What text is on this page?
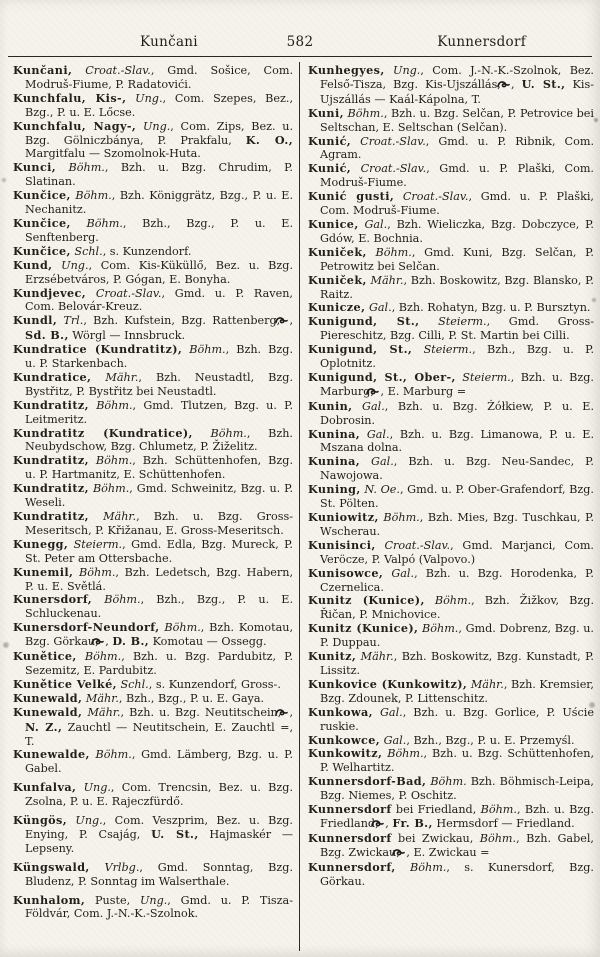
Kunčani	582	Kunnersdorf

Kunčani, Croat.-Slav., Gmd. Sošice, Com. Modruš-Fiume, P. Radatovići.

Kunchfalu, Kis-, Ung., Com. Szepes, Bez., Bzg., P. u. E. Lőcse.

Kunchfalu, Nagy-, Ung., Com. Zips, Bez. u. Bzg. Gölniczbánya, P. Prakfalu, K. O., Margitfalu — Szomolnok-Huta.

Kunci, Böhm., Bzh. u. Bzg. Chrudim, P. Slatinan.

Kunčice, Böhm., Bzh. Königgrätz, Bzg., P. u. E. Nechanitz.

Kunčice, Böhm., Bzh., Bzg., P. u. E. Senftenberg.

Kunčice, Schl., s. Kunzendorf.

Kund, Ung., Com. Kis-Küküllő, Bez. u. Bzg. Erzsébetváros, P. Gógan, E. Bonyha.

Kundjevec, Croat.-Slav., Gmd. u. P. Raven, Com. Belovár-Kreuz.

Kundl, Trl., Bzh. Kufstein, Bzg. Rattenberg, , Sd. B., Wörgl — Innsbruck.

Kundratice (Kundratitz), Böhm., Bzh. Bzg. u. P. Starkenbach.

Kundratice, Mähr., Bzh. Neustadtl, Bzg. Bystřitz, P. Bystřitz bei Neustadtl.

Kundratitz, Böhm., Gmd. Tlutzen, Bzg. u. P. Leitmeritz.

Kundratitz (Kundratice), Böhm., Bzh. Neubydschow, Bzg. Chlumetz, P. Žiželitz.

Kundratitz, Böhm., Bzh. Schüttenhofen, Bzg. u. P. Hartmanitz, E. Schüttenhofen.

Kundratitz, Böhm., Gmd. Schweinitz, Bzg. u. P. Weseli.

Kundratitz, Mähr., Bzh. u. Bzg. Gross-Meseritsch, P. Křižanau, E. Gross-Meseritsch.

Kunegg, Steierm., Gmd. Edla, Bzg. Mureck, P. St. Peter am Ottersbache.

Kunemil, Böhm., Bzh. Ledetsch, Bzg. Habern, P. u. E. Světlá.

Kunersdorf, Böhm., Bzh., Bzg., P. u. E. Schluckenau.

Kunersdorf-Neundorf, Böhm., Bzh. Komotau, Bzg. Görkau, , D. B., Komotau — Ossegg.

Kunětice, Böhm., Bzh. u. Bzg. Pardubitz, P. Sezemitz, E. Pardubitz.

Kunětice Velké, Schl., s. Kunzendorf, Gross-.

Kunewald, Mähr., Bzh., Bzg., P. u. E. Gaya.

Kunewald, Mähr., Bzh. u. Bzg. Neutitschein, , N. Z., Zauchtl — Neutitschein, E. Zauchtl =, T.

Kunewalde, Böhm., Gmd. Lämberg, Bzg. u. P. Gabel.

Kunfalva, Ung., Com. Trencsin, Bez. u. Bzg. Zsolna, P. u. E. Rajeczfürdő.

Küngös, Ung., Com. Veszprim, Bez. u. Bzg. Enying, P. Csajág, U. St., Hajmaskér — Lepseny.

Küngswald, Vrlbg., Gmd. Sonntag, Bzg. Bludenz, P. Sonntag im Walserthale.

Kunhalom, Puste, Ung., Gmd. u. P. Tisza-Földvár, Com. J.-N.-K.-Szolnok.

Kunhegyes, Ung., Com. J.-N.-K.-Szolnok, Bez. Felső-Tisza, Bzg. Kis-Ujszállás, , U. St., Kis-Ujszállás — Kaál-Kápolna, T.

Kuni, Böhm., Bzh. u. Bzg. Selčan, P. Petrovice bei Seltschan, E. Seltschan (Selčan).

Kunić, Croat.-Slav., Gmd. u. P. Ribnik, Com. Agram.

Kunić, Croat.-Slav., Gmd. u. P. Plaški, Com. Modruš-Fiume.

Kunić gusti, Croat.-Slav., Gmd. u. P. Plaški, Com. Modruš-Fiume.

Kunice, Gal., Bzh. Wieliczka, Bzg. Dobczyce, P. Gdów, E. Bochnia.

Kuniček, Böhm., Gmd. Kuni, Bzg. Selčan, P. Petrowitz bei Selčan.

Kuniček, Mähr., Bzh. Boskowitz, Bzg. Blansko, P. Raitz.

Kunicze, Gal., Bzh. Rohatyn, Bzg. u. P. Bursztyn.

Kunigund, St., Steierm., Gmd. Gross-Piereschitz, Bzg. Cilli, P. St. Martin bei Cilli.

Kunigund, St., Steierm., Bzh., Bzg. u. P. Oplotnitz.

Kunigund, St., Ober-, Steierm., Bzh. u. Bzg. Marburg, , E. Marburg =

Kunin, Gal., Bzh. u. Bzg. Żółkiew, P. u. E. Dobrosin.

Kunina, Gal., Bzh. u. Bzg. Limanowa, P. u. E. Mszana dolna.

Kunina, Gal., Bzh. u. Bzg. Neu-Sandec, P. Nawojowa.

Kuning, N. Oe., Gmd. u. P. Ober-Grafendorf, Bzg. St. Pölten.

Kuniowitz, Böhm., Bzh. Mies, Bzg. Tuschkau, P. Wscherau.

Kunisinci, Croat.-Slav., Gmd. Marjanci, Com. Veröcze, P. Valpó (Valpovo.)

Kunisowce, Gal., Bzh. u. Bzg. Horodenka, P. Czernelica.

Kunitz (Kunice), Böhm., Bzh. Žižkov, Bzg. Řičan, P. Mnichovice.

Kunitz (Kunice), Böhm., Gmd. Dobrenz, Bzg. u. P. Duppau.

Kunitz, Mähr., Bzh. Boskowitz, Bzg. Kunstadt, P. Lissitz.

Kunkovice (Kunkowitz), Mähr., Bzh. Kremsier, Bzg. Zdounek, P. Littenschitz.

Kunkowa, Gal., Bzh. u. Bzg. Gorlice, P. Uście ruskie.

Kunkowce, Gal., Bzh., Bzg., P. u. E. Przemyśl.

Kunkowitz, Böhm., Bzh. u. Bzg. Schüttenhofen, P. Welhartitz.

Kunnersdorf-Bad, Böhm. Bzh. Böhmisch-Leipa, Bzg. Niemes, P. Oschitz.

Kunnersdorf bei Friedland, Böhm., Bzh. u. Bzg. Friedland, , Fr. B., Hermsdorf — Friedland.

Kunnersdorf bei Zwickau, Böhm., Bzh. Gabel, Bzg. Zwickau, , E. Zwickau =

Kunnersdorf, Böhm., s. Kunersdorf, Bzg. Görkau.
